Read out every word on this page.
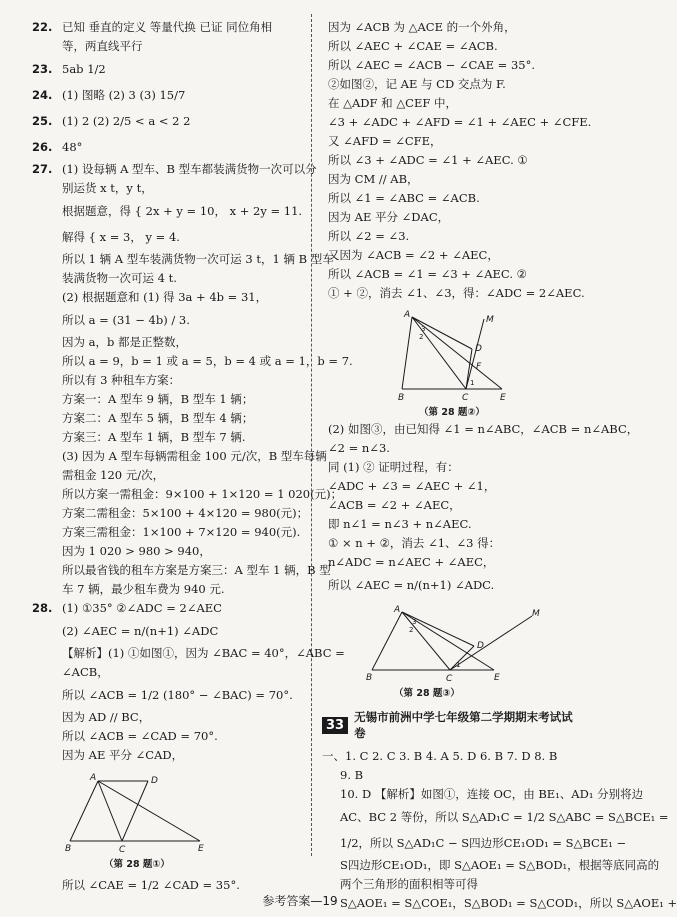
22. 已知 垂直的定义 等量代换 已证 同位角相
等，两直线平行
23. 5ab 1/2
24. (1) 图略 (2) 3 (3) 15/7
25. (1) 2 (2) 2/5 < a < 2 2
26. 48°
27. (1) 设每辆 A 型车、B 型车都装满货物一次可以分
别运货 x t，y t，
根据题意，得 { 2x + y = 10， x + 2y = 11.
解得 { x = 3， y = 4.
所以 1 辆 A 型车装满货物一次可运 3 t，1 辆 B 型车
装满货物一次可运 4 t.
(2) 根据题意和 (1) 得 3a + 4b = 31，
所以 a = (31 − 4b) / 3.
因为 a，b 都是正整数，
所以 a = 9，b = 1 或 a = 5，b = 4 或 a = 1，b = 7.
所以有 3 种租车方案：
方案一：A 型车 9 辆，B 型车 1 辆；
方案二：A 型车 5 辆，B 型车 4 辆；
方案三：A 型车 1 辆，B 型车 7 辆.
(3) 因为 A 型车每辆需租金 100 元/次，B 型车每辆
需租金 120 元/次，
所以方案一需租金：9×100 + 1×120 = 1 020(元)；
方案二需租金：5×100 + 4×120 = 980(元)；
方案三需租金：1×100 + 7×120 = 940(元).
因为 1 020 > 980 > 940，
所以最省钱的租车方案是方案三：A 型车 1 辆，B 型
车 7 辆，最少租车费为 940 元.
28. (1) ①35° ②∠ADC = 2∠AEC
(2) ∠AEC = n/(n+1) ∠ADC
【解析】(1) ①如图①，因为 ∠BAC = 40°，∠ABC =
∠ACB，
所以 ∠ACB = 1/2 (180° − ∠BAC) = 70°.
因为 AD // BC，
所以 ∠ACB = ∠CAD = 70°.
因为 AE 平分 ∠CAD，
A	D
B	C	E
（第 28 题①）
所以 ∠CAE = 1/2 ∠CAD = 35°.
因为 ∠ACB 为 △ACE 的一个外角，
所以 ∠AEC + ∠CAE = ∠ACB.
所以 ∠AEC = ∠ACB − ∠CAE = 35°.
②如图②，记 AE 与 CD 交点为 F.
在 △ADF 和 △CEF 中，
∠3 + ∠ADC + ∠AFD = ∠1 + ∠AEC + ∠CFE.
又 ∠AFD = ∠CFE，
所以 ∠3 + ∠ADC = ∠1 + ∠AEC. ①
因为 CM // AB，
所以 ∠1 = ∠ABC = ∠ACB.
因为 AE 平分 ∠DAC，
所以 ∠2 = ∠3.
又因为 ∠ACB = ∠2 + ∠AEC，
所以 ∠ACB = ∠1 = ∠3 + ∠AEC. ②
① + ②，消去 ∠1、∠3，得：∠ADC = 2∠AEC.
A	M
D
F
B	C	E
3
2
1
（第 28 题②）
(2) 如图③，由已知得 ∠1 = n∠ABC，∠ACB = n∠ABC，
∠2 = n∠3.
同 (1) ② 证明过程，有：
∠ADC + ∠3 = ∠AEC + ∠1，
∠ACB = ∠2 + ∠AEC，
即 n∠1 = n∠3 + n∠AEC.
① × n + ②，消去 ∠1、∠3 得：
n∠ADC = n∠AEC + ∠AEC，
所以 ∠AEC = n/(n+1) ∠ADC.
A	M
D
B	C	E
3
2
1
（第 28 题③）
33
无锡市前洲中学七年级第二学期期末考试试卷
一、1. C 2. C 3. B 4. A 5. D 6. B 7. D 8. B
9. B
10. D 【解析】如图①，连接 OC，由 BE₁、AD₁ 分别将边
AC、BC 2 等份，所以 S△AD₁C = 1/2 S△ABC = S△BCE₁ =
1/2，所以 S△AD₁C − S四边形CE₁OD₁ = S△BCE₁ −
S四边形CE₁OD₁，即 S△AOE₁ = S△BOD₁，根据等底同高的
两个三角形的面积相等可得
S△AOE₁ = S△COE₁，S△BOD₁ = S△COD₁，所以 S△AOE₁ +
参考答案—19
